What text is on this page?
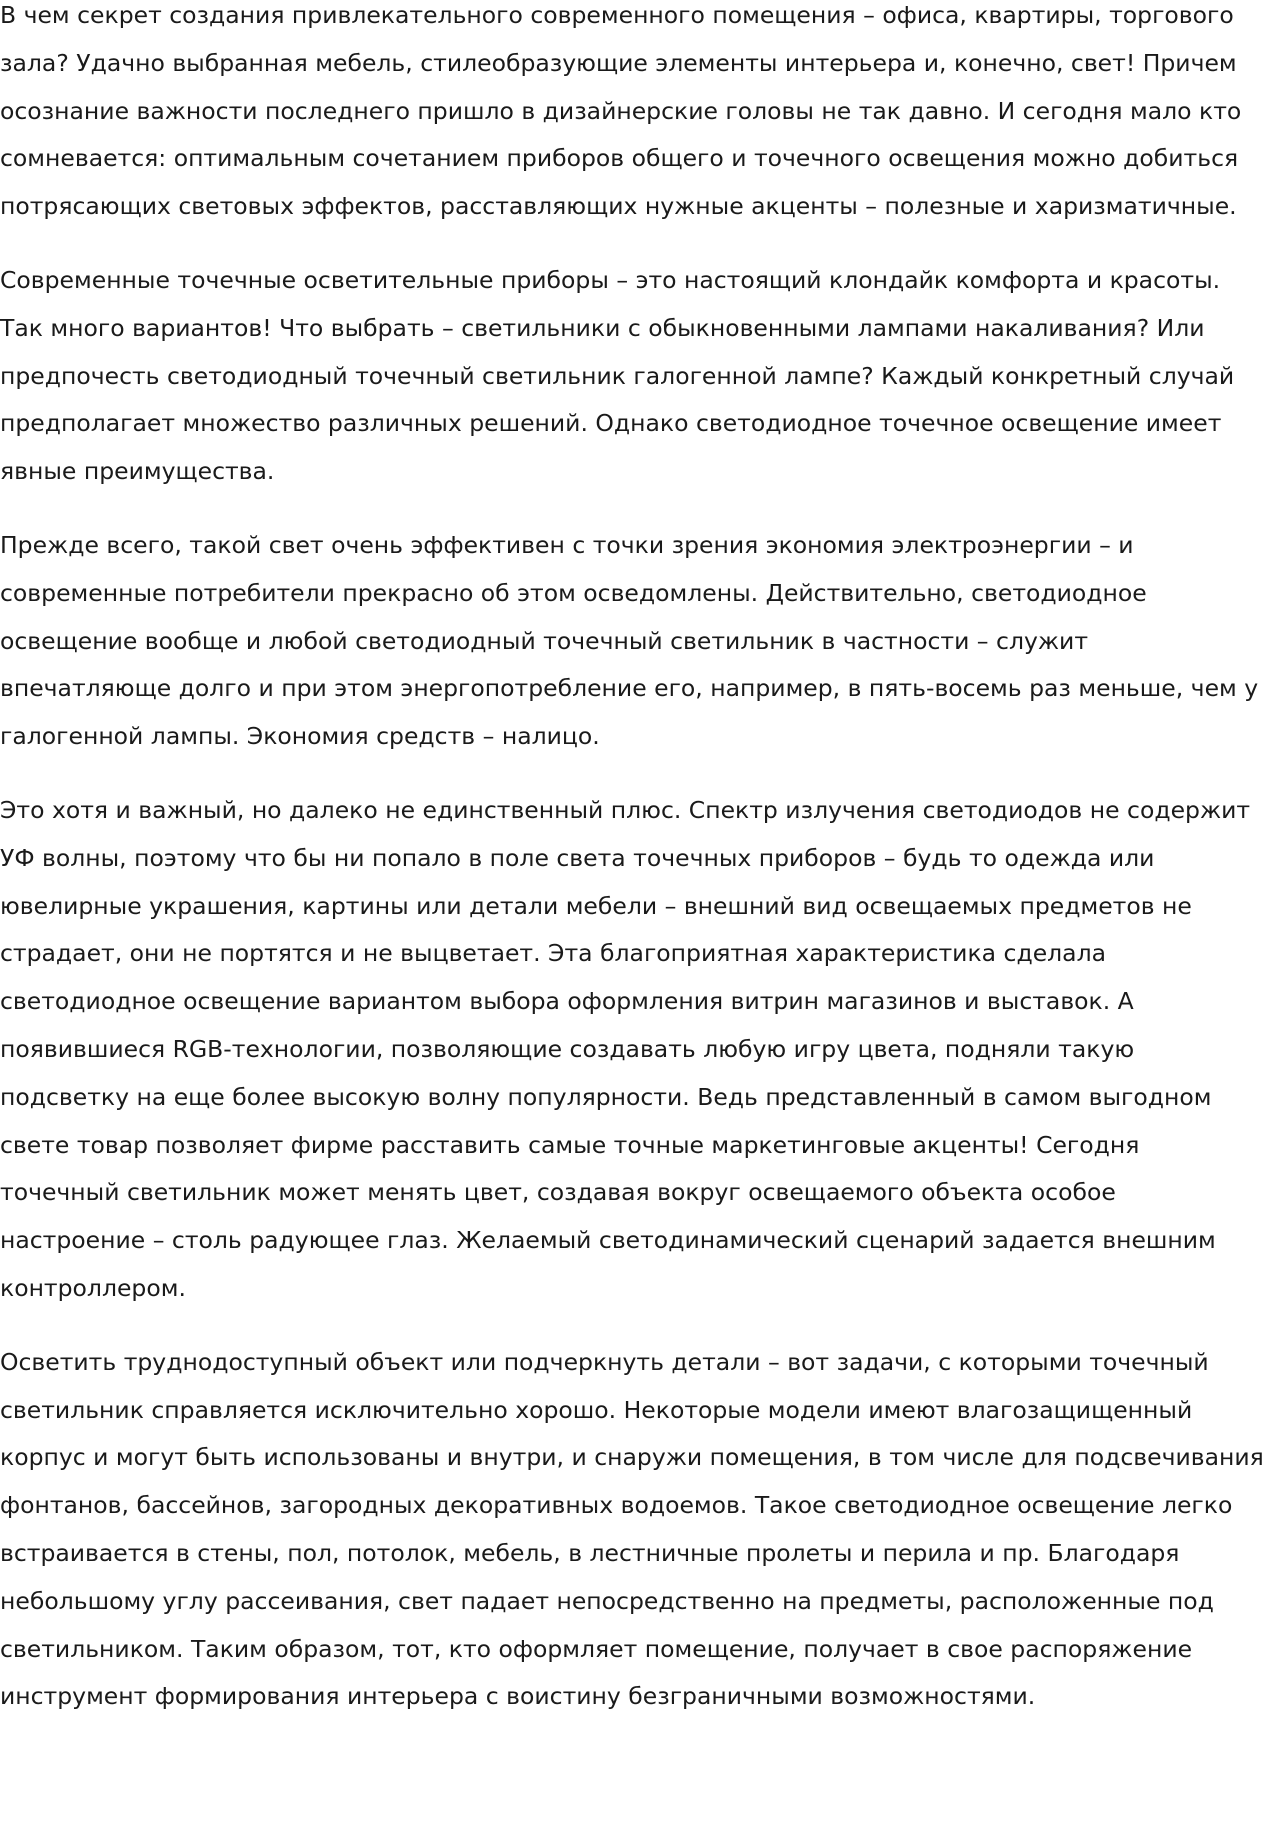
В чем секрет создания привлекательного современного помещения – офиса, квартиры, торгового зала? Удачно выбранная мебель, стилеобразующие элементы интерьера и, конечно, свет! Причем осознание важности последнего пришло в дизайнерские головы не так давно. И сегодня мало кто сомневается: оптимальным сочетанием приборов общего и точечного освещения можно добиться потрясающих световых эффектов, расставляющих нужные акценты – полезные и харизматичные.

Современные точечные осветительные приборы – это настоящий клондайк комфорта и красоты. Так много вариантов! Что выбрать – светильники с обыкновенными лампами накаливания? Или предпочесть светодиодный точечный светильник галогенной лампе? Каждый конкретный случай предполагает множество различных решений. Однако светодиодное точечное освещение имеет явные преимущества.

Прежде всего, такой свет очень эффективен с точки зрения экономия электроэнергии – и современные потребители прекрасно об этом осведомлены. Действительно, светодиодное освещение вообще и любой светодиодный точечный светильник в частности – служит впечатляюще долго и при этом энергопотребление его, например, в пять-восемь раз меньше, чем у галогенной лампы. Экономия средств – налицо.

Это хотя и важный, но далеко не единственный плюс. Спектр излучения светодиодов не содержит УФ волны, поэтому что бы ни попало в поле света точечных приборов – будь то одежда или ювелирные украшения, картины или детали мебели – внешний вид освещаемых предметов не страдает, они не портятся и не выцветает. Эта благоприятная характеристика сделала светодиодное освещение вариантом выбора оформления витрин магазинов и выставок. А появившиеся RGB-технологии, позволяющие создавать любую игру цвета, подняли такую подсветку на еще более высокую волну популярности. Ведь представленный в самом выгодном свете товар позволяет фирме расставить самые точные маркетинговые акценты! Сегодня точечный светильник может менять цвет, создавая вокруг освещаемого объекта особое настроение – столь радующее глаз. Желаемый светодинамический сценарий задается внешним контроллером.

Осветить труднодоступный объект или подчеркнуть детали – вот задачи, с которыми точечный светильник справляется исключительно хорошо. Некоторые модели имеют влагозащищенный корпус и могут быть использованы и внутри, и снаружи помещения, в том числе для подсвечивания фонтанов, бассейнов, загородных декоративных водоемов. Такое светодиодное освещение легко встраивается в стены, пол, потолок, мебель, в лестничные пролеты и перила и пр. Благодаря небольшому углу рассеивания, свет падает непосредственно на предметы, расположенные под светильником. Таким образом, тот, кто оформляет помещение, получает в свое распоряжение инструмент формирования интерьера с воистину безграничными возможностями.
